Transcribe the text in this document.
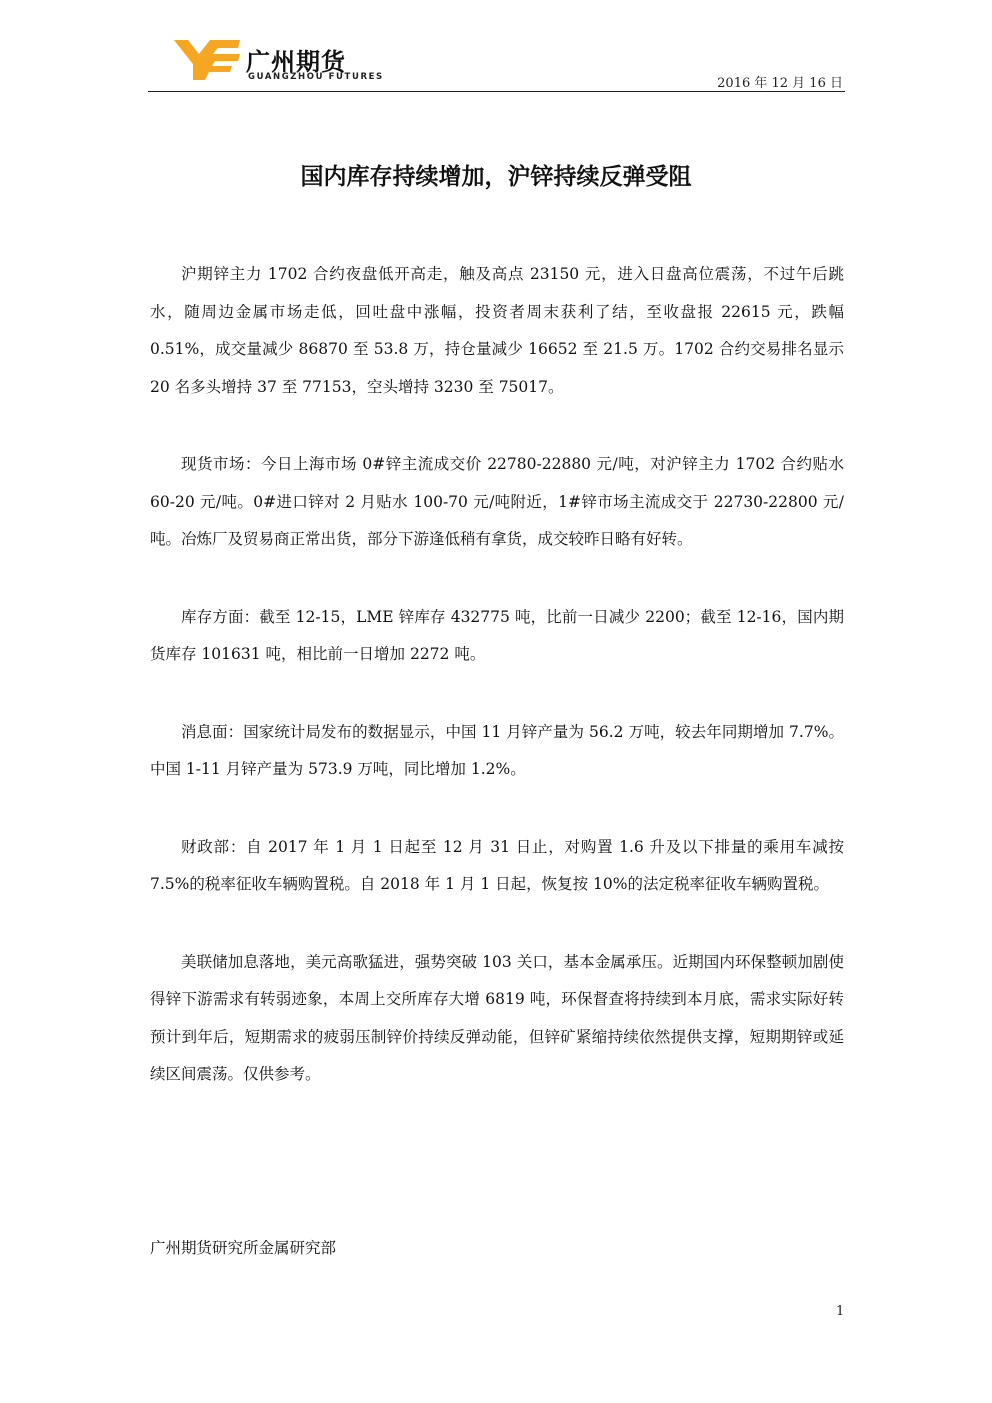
广州期货
GUANGZHOU FUTURES	2016 年 12 月 16 日
国内库存持续增加，沪锌持续反弹受阻

沪期锌主力 1702 合约夜盘低开高走，触及高点 23150 元，进入日盘高位震荡，不过午后跳水，随周边金属市场走低，回吐盘中涨幅，投资者周末获利了结，至收盘报 22615 元，跌幅 0.51%，成交量减少 86870 至 53.8 万，持仓量减少 16652 至 21.5 万。1702 合约交易排名显示 20 名多头增持 37 至 77153，空头增持 3230 至 75017。

现货市场：今日上海市场 0#锌主流成交价 22780-22880 元/吨，对沪锌主力 1702 合约贴水 60-20 元/吨。0#进口锌对 2 月贴水 100-70 元/吨附近，1#锌市场主流成交于 22730-22800 元/吨。冶炼厂及贸易商正常出货，部分下游逢低稍有拿货，成交较昨日略有好转。

库存方面：截至 12-15，LME 锌库存 432775 吨，比前一日减少 2200；截至 12-16，国内期货库存 101631 吨，相比前一日增加 2272 吨。

消息面：国家统计局发布的数据显示，中国 11 月锌产量为 56.2 万吨，较去年同期增加 7.7%。中国 1-11 月锌产量为 573.9 万吨，同比增加 1.2%。

财政部：自 2017 年 1 月 1 日起至 12 月 31 日止，对购置 1.6 升及以下排量的乘用车减按 7.5%的税率征收车辆购置税。自 2018 年 1 月 1 日起，恢复按 10%的法定税率征收车辆购置税。

美联储加息落地，美元高歌猛进，强势突破 103 关口，基本金属承压。近期国内环保整顿加剧使得锌下游需求有转弱迹象，本周上交所库存大增 6819 吨，环保督查将持续到本月底，需求实际好转预计到年后，短期需求的疲弱压制锌价持续反弹动能，但锌矿紧缩持续依然提供支撑，短期期锌或延续区间震荡。仅供参考。

广州期货研究所金属研究部
1
